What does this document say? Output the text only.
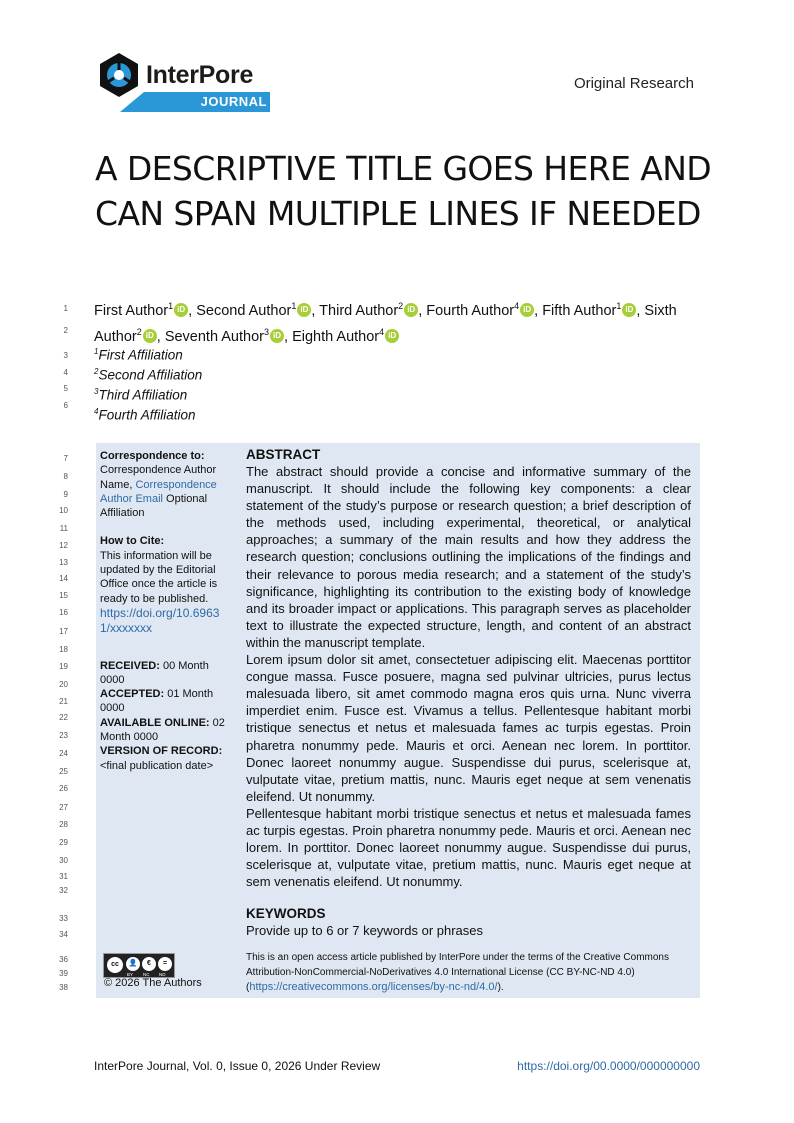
InterPore
JOURNAL
Original Research
A DESCRIPTIVE TITLE GOES HERE AND CAN SPAN MULTIPLE LINES IF NEEDED
1
2
3
4
5
6
7
8
9
10
11
12
13
14
15
16
17
18
19
20
21
22
23
24
25
26
27
28
29
30
31
32
33
34
36
39
38
First Author$^1$ iD , Second Author$^1$ iD , Third Author$^2$ iD , Fourth Author$^4$ iD , Fifth Author$^1$ iD , Sixth Author$^2$ iD , Seventh Author$^3$ iD , Eighth Author$^4$ iD
$^1$First Affiliation
$^2$Second Affiliation
$^3$Third Affiliation
$^4$Fourth Affiliation
Correspondence to:
Correspondence Author Name, Correspondence Author Email Optional Affiliation
How to Cite:
This information will be updated by the Editorial Office once the article is ready to be published.
https://doi.org/10.69631/xxxxxxx
RECEIVED: 00 Month 0000
ACCEPTED: 01 Month 0000
AVAILABLE ONLINE: 02 Month 0000
VERSION OF RECORD:
<final publication date>
ABSTRACT

The abstract should provide a concise and informative summary of the manuscript. It should include the following key components: a clear statement of the study’s purpose or research question; a brief description of the methods used, including experimental, theoretical, or analytical approaches; a summary of the main results and how they address the research question; conclusions outlining the implications of the findings and their relevance to porous media research; and a statement of the study’s significance, highlighting its contribution to the existing body of knowledge and its broader impact or applications. This paragraph serves as placeholder text to illustrate the expected structure, length, and content of an abstract within the manuscript template.

Lorem ipsum dolor sit amet, consectetuer adipiscing elit. Maecenas porttitor congue massa. Fusce posuere, magna sed pulvinar ultricies, purus lectus malesuada libero, sit amet commodo magna eros quis urna. Nunc viverra imperdiet enim. Fusce est. Vivamus a tellus. Pellentesque habitant morbi tristique senectus et netus et malesuada fames ac turpis egestas. Proin pharetra nonummy pede. Mauris et orci. Aenean nec lorem. In porttitor. Donec laoreet nonummy augue. Suspendisse dui purus, scelerisque at, vulputate vitae, pretium mattis, nunc. Mauris eget neque at sem venenatis eleifend. Ut nonummy.

Pellentesque habitant morbi tristique senectus et netus et malesuada fames ac turpis egestas. Proin pharetra nonummy pede. Mauris et orci. Aenean nec lorem. In porttitor. Donec laoreet nonummy augue. Suspendisse dui purus, scelerisque at, vulputate vitae, pretium mattis, nunc. Mauris eget neque at sem venenatis eleifend. Ut nonummy.

KEYWORDS
Provide up to 6 or 7 keywords or phrases
This is an open access article published by InterPore under the terms of the Creative Commons Attribution-NonCommercial-NoDerivatives 4.0 International License (CC BY-NC-ND 4.0) (https://creativecommons.org/licenses/by-nc-nd/4.0/).
cc	👤	€	=
BY NC ND
© 2026 The Authors
InterPore Journal, Vol. 0, Issue 0, 2026 Under Review	https://doi.org/00.0000/000000000
